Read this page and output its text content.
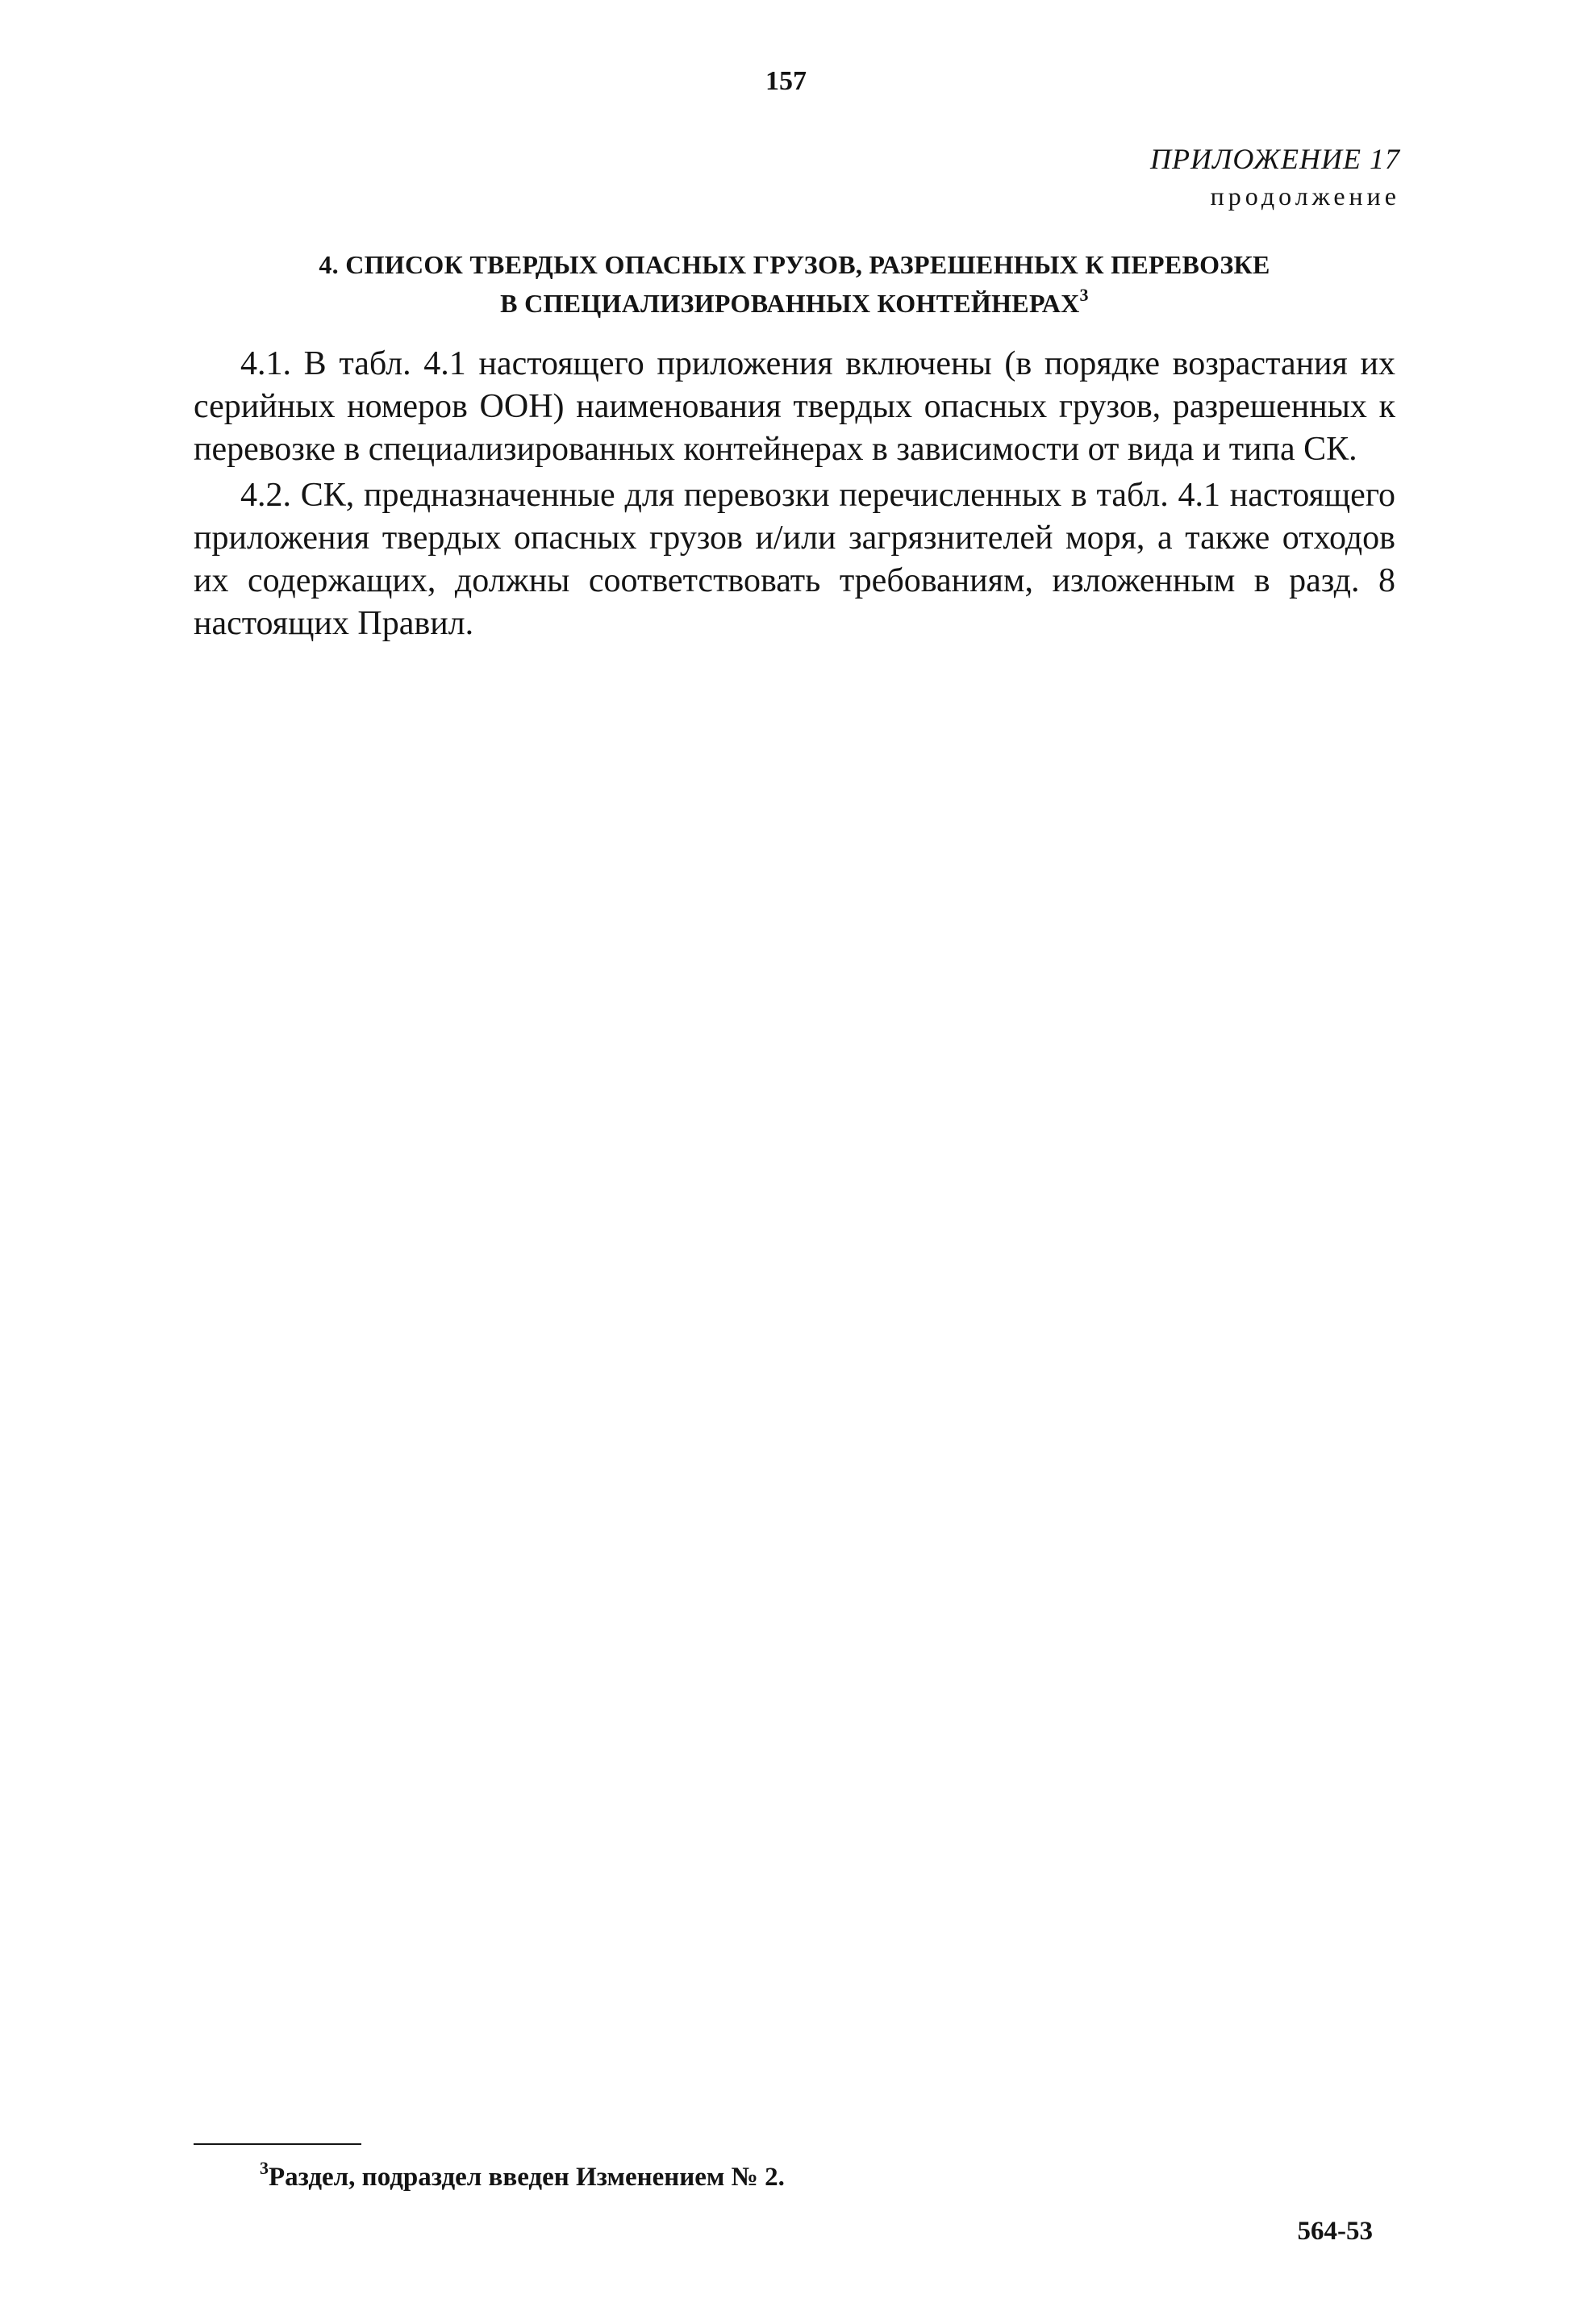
157
ПРИЛОЖЕНИЕ 17
продолжение
4. СПИСОК ТВЕРДЫХ ОПАСНЫХ ГРУЗОВ, РАЗРЕШЕННЫХ К ПЕРЕВОЗКЕ
В СПЕЦИАЛИЗИРОВАННЫХ КОНТЕЙНЕРАХ$^3$

4.1. В табл. 4.1 настоящего приложения включены (в порядке возрастания их серийных номеров ООН) наименования твердых опасных грузов, разрешенных к перевозке в специализированных контейнерах в зависимости от вида и типа СК.

4.2. СК, предназначенные для перевозки перечисленных в табл. 4.1 настоящего приложения твердых опасных грузов и/или загрязнителей моря, а также отходов их содержащих, должны соответствовать требованиям, изложенным в разд. 8 настоящих Правил.

$^3$Раздел, подраздел введен Изменением № 2.
564-53
